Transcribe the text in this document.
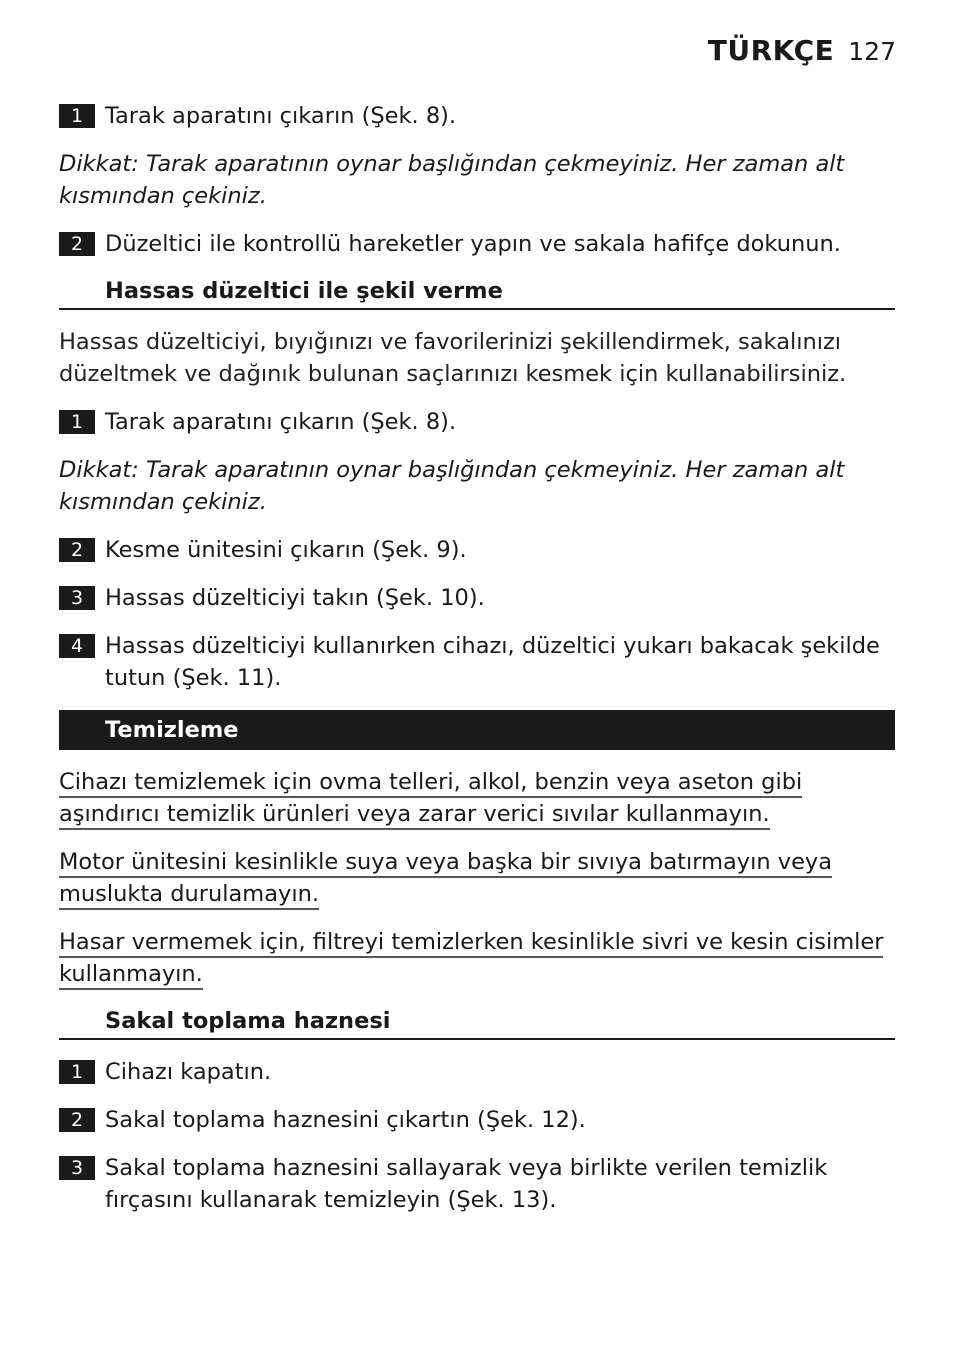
TÜRKÇE 127
1 Tarak aparatını çıkarın (Şek. 8).
Dikkat: Tarak aparatının oynar başlığından çekmeyiniz. Her zaman alt kısmından çekiniz.
2 Düzeltici ile kontrollü hareketler yapın ve sakala hafifçe dokunun.
Hassas düzeltici ile şekil verme
Hassas düzelticiyi, bıyığınızı ve favorilerinizi şekillendirmek, sakalınızı düzeltmek ve dağınık bulunan saçlarınızı kesmek için kullanabilirsiniz.
1 Tarak aparatını çıkarın (Şek. 8).
Dikkat: Tarak aparatının oynar başlığından çekmeyiniz. Her zaman alt kısmından çekiniz.
2 Kesme ünitesini çıkarın (Şek. 9).
3 Hassas düzelticiyi takın (Şek. 10).
4 Hassas düzelticiyi kullanırken cihazı, düzeltici yukarı bakacak şekilde tutun (Şek. 11).
Temizleme
Cihazı temizlemek için ovma telleri, alkol, benzin veya aseton gibi aşındırıcı temizlik ürünleri veya zarar verici sıvılar kullanmayın.
Motor ünitesini kesinlikle suya veya başka bir sıvıya batırmayın veya muslukta durulamayın.
Hasar vermemek için, filtreyi temizlerken kesinlikle sivri ve kesin cisimler kullanmayın.
Sakal toplama haznesi
1 Cihazı kapatın.
2 Sakal toplama haznesini çıkartın (Şek. 12).
3 Sakal toplama haznesini sallayarak veya birlikte verilen temizlik fırçasını kullanarak temizleyin (Şek. 13).
